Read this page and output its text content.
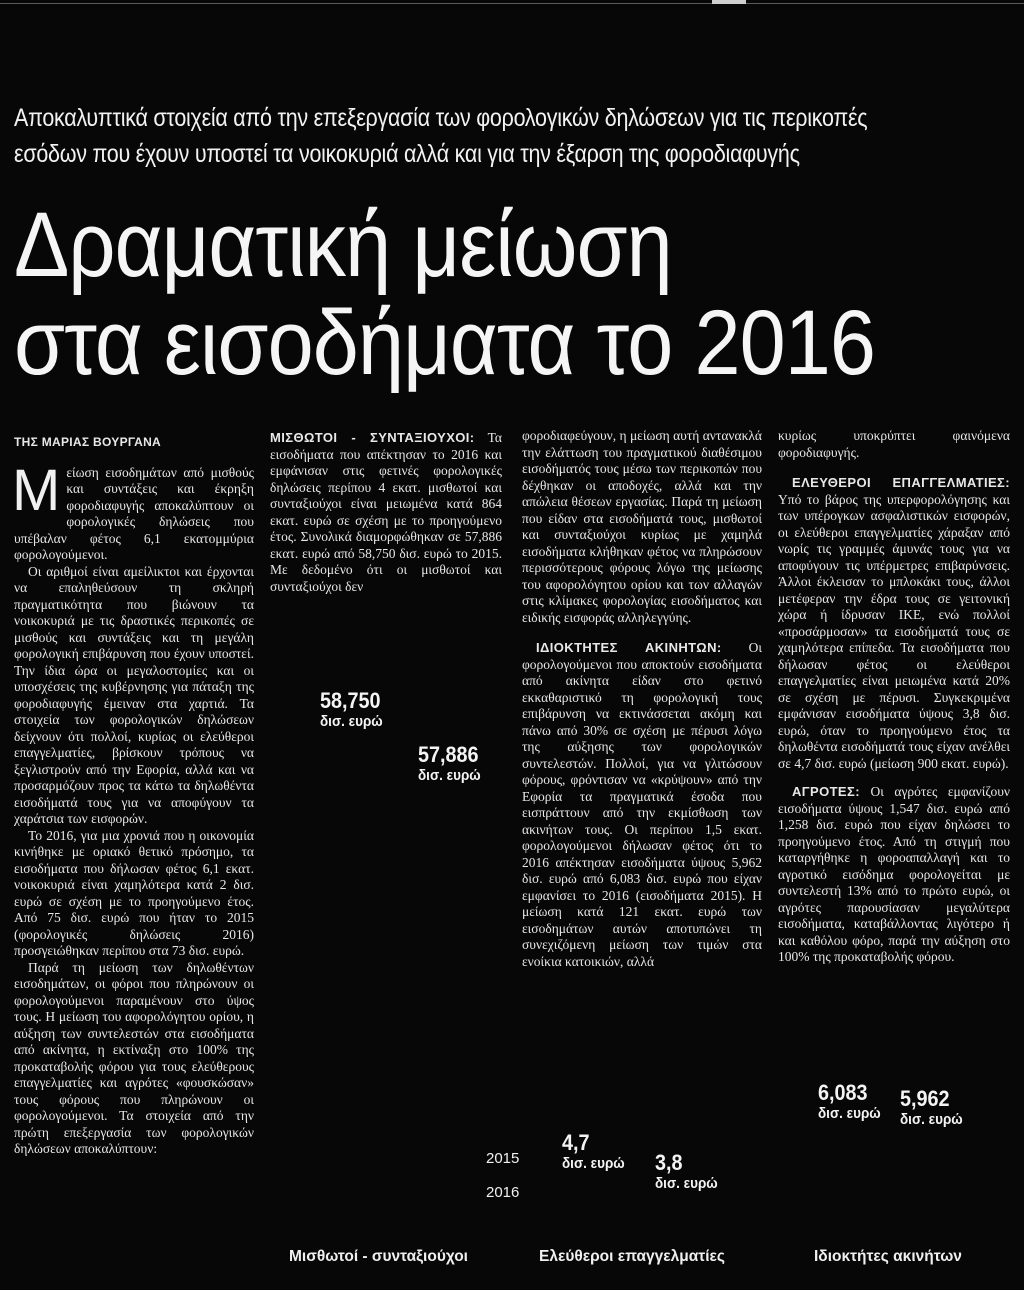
Αποκαλυπτικά στοιχεία από την επεξεργασία των φορολογικών δηλώσεων για τις περικοπές
εσόδων που έχουν υποστεί τα νοικοκυριά αλλά και για την έξαρση της φοροδιαφυγής
Δραματική μείωση
στα εισοδήματα το 2016
ΤΗΣ ΜΑΡΙΑΣ ΒΟΥΡΓΑΝΑ

Μείωση εισοδημάτων από μισθούς και συντάξεις και έκρηξη φοροδιαφυγής αποκαλύπτουν οι φορολογικές δηλώσεις που υπέβαλαν φέτος 6,1 εκατομμύρια φορολογούμενοι.

Οι αριθμοί είναι αμείλικτοι και έρχονται να επαληθεύσουν τη σκληρή πραγματικότητα που βιώνουν τα νοικοκυριά με τις δραστικές περικοπές σε μισθούς και συντάξεις και τη μεγάλη φορολογική επιβάρυνση που έχουν υποστεί. Την ίδια ώρα οι μεγαλοστομίες και οι υποσχέσεις της κυβέρνησης για πάταξη της φοροδιαφυγής έμειναν στα χαρτιά. Τα στοιχεία των φορολογικών δηλώσεων δείχνουν ότι πολλοί, κυρίως οι ελεύθεροι επαγγελματίες, βρίσκουν τρόπους να ξεγλιστρούν από την Εφορία, αλλά και να προσαρμόζουν προς τα κάτω τα δηλωθέντα εισοδήματά τους για να αποφύγουν τα χαράτσια των εισφορών.

Το 2016, για μια χρονιά που η οικονομία κινήθηκε με οριακό θετικό πρόσημο, τα εισοδήματα που δήλωσαν φέτος 6,1 εκατ. νοικοκυριά είναι χαμηλότερα κατά 2 δισ. ευρώ σε σχέση με το προηγούμενο έτος. Από 75 δισ. ευρώ που ήταν το 2015 (φορολογικές δηλώσεις 2016) προσγειώθηκαν περίπου στα 73 δισ. ευρώ.

Παρά τη μείωση των δηλωθέντων εισοδημάτων, οι φόροι που πληρώνουν οι φορολογούμενοι παραμένουν στο ύψος τους. Η μείωση του αφορολόγητου ορίου, η αύξηση των συντελεστών στα εισοδήματα από ακίνητα, η εκτίναξη στο 100% της προκαταβολής φόρου για τους ελεύθερους επαγγελματίες και αγρότες «φουσκώσαν» τους φόρους που πληρώνουν οι φορολογούμενοι. Τα στοιχεία από την πρώτη επεξεργασία των φορολογικών δηλώσεων αποκαλύπτουν:

ΜΙΣΘΩΤΟΙ - ΣΥΝΤΑΞΙΟΥΧΟΙ: Τα εισοδήματα που απέκτησαν το 2016 και εμφάνισαν στις φετινές φορολογικές δηλώσεις περίπου 4 εκατ. μισθωτοί και συνταξιούχοι είναι μειωμένα κατά 864 εκατ. ευρώ σε σχέση με το προηγούμενο έτος. Συνολικά διαμορφώθηκαν σε 57,886 εκατ. ευρώ από 58,750 δισ. ευρώ το 2015. Με δεδομένο ότι οι μισθωτοί και συνταξιούχοι δεν

φοροδιαφεύγουν, η μείωση αυτή αντανακλά την ελάττωση του πραγματικού διαθέσιμου εισοδήματός τους μέσω των περικοπών που δέχθηκαν οι αποδοχές, αλλά και την απώλεια θέσεων εργασίας. Παρά τη μείωση που είδαν στα εισοδήματά τους, μισθωτοί και συνταξιούχοι κυρίως με χαμηλά εισοδήματα κλήθηκαν φέτος να πληρώσουν περισσότερους φόρους λόγω της μείωσης του αφορολόγητου ορίου και των αλλαγών στις κλίμακες φορολογίας εισοδήματος και ειδικής εισφοράς αλληλεγγύης.

ΙΔΙΟΚΤΗΤΕΣ ΑΚΙΝΗΤΩΝ: Οι φορολογούμενοι που αποκτούν εισοδήματα από ακίνητα είδαν στο φετινό εκκαθαριστικό τη φορολογική τους επιβάρυνση να εκτινάσσεται ακόμη και πάνω από 30% σε σχέση με πέρυσι λόγω της αύξησης των φορολογικών συντελεστών. Πολλοί, για να γλιτώσουν φόρους, φρόντισαν να «κρύψουν» από την Εφορία τα πραγματικά έσοδα που εισπράττουν από την εκμίσθωση των ακινήτων τους. Οι περίπου 1,5 εκατ. φορολογούμενοι δήλωσαν φέτος ότι το 2016 απέκτησαν εισοδήματα ύψους 5,962 δισ. ευρώ από 6,083 δισ. ευρώ που είχαν εμφανίσει το 2016 (εισοδήματα 2015). Η μείωση κατά 121 εκατ. ευρώ των εισοδημάτων αυτών αποτυπώνει τη συνεχιζόμενη μείωση των τιμών στα ενοίκια κατοικιών, αλλά

κυρίως υποκρύπτει φαινόμενα φοροδιαφυγής.

ΕΛΕΥΘΕΡΟΙ ΕΠΑΓΓΕΛΜΑΤΙΕΣ: Υπό το βάρος της υπερφορολόγησης και των υπέρογκων ασφαλιστικών εισφορών, οι ελεύθεροι επαγγελματίες χάραξαν από νωρίς τις γραμμές άμυνάς τους για να αποφύγουν τις υπέρμετρες επιβαρύνσεις. Άλλοι έκλεισαν το μπλοκάκι τους, άλλοι μετέφεραν την έδρα τους σε γειτονική χώρα ή ίδρυσαν ΙΚΕ, ενώ πολλοί «προσάρμοσαν» τα εισοδήματά τους σε χαμηλότερα επίπεδα. Τα εισοδήματα που δήλωσαν φέτος οι ελεύθεροι επαγγελματίες είναι μειωμένα κατά 20% σε σχέση με πέρυσι. Συγκεκριμένα εμφάνισαν εισοδήματα ύψους 3,8 δισ. ευρώ, όταν το προηγούμενο έτος τα δηλωθέντα εισοδήματά τους είχαν ανέλθει σε 4,7 δισ. ευρώ (μείωση 900 εκατ. ευρώ).

ΑΓΡΟΤΕΣ: Οι αγρότες εμφανίζουν εισοδήματα ύψους 1,547 δισ. ευρώ από 1,258 δισ. ευρώ που είχαν δηλώσει το προηγούμενο έτος. Από τη στιγμή που καταργήθηκε η φοροαπαλλαγή και το αγροτικό εισόδημα φορολογείται με συντελεστή 13% από το πρώτο ευρώ, οι αγρότες παρουσίασαν μεγαλύτερα εισοδήματα, καταβάλλοντας λιγότερο ή και καθόλου φόρο, παρά την αύξηση στο 100% της προκαταβολής φόρου.

58,750
δισ. ευρώ
57,886
δισ. ευρώ
4,7
δισ. ευρώ 3,8
δισ. ευρώ
6,083
δισ. ευρώ
5,962
δισ. ευρώ
2015
2016
Μισθωτοί - συνταξιούχοι	Ελεύθεροι επαγγελματίες	Ιδιοκτήτες ακινήτων
